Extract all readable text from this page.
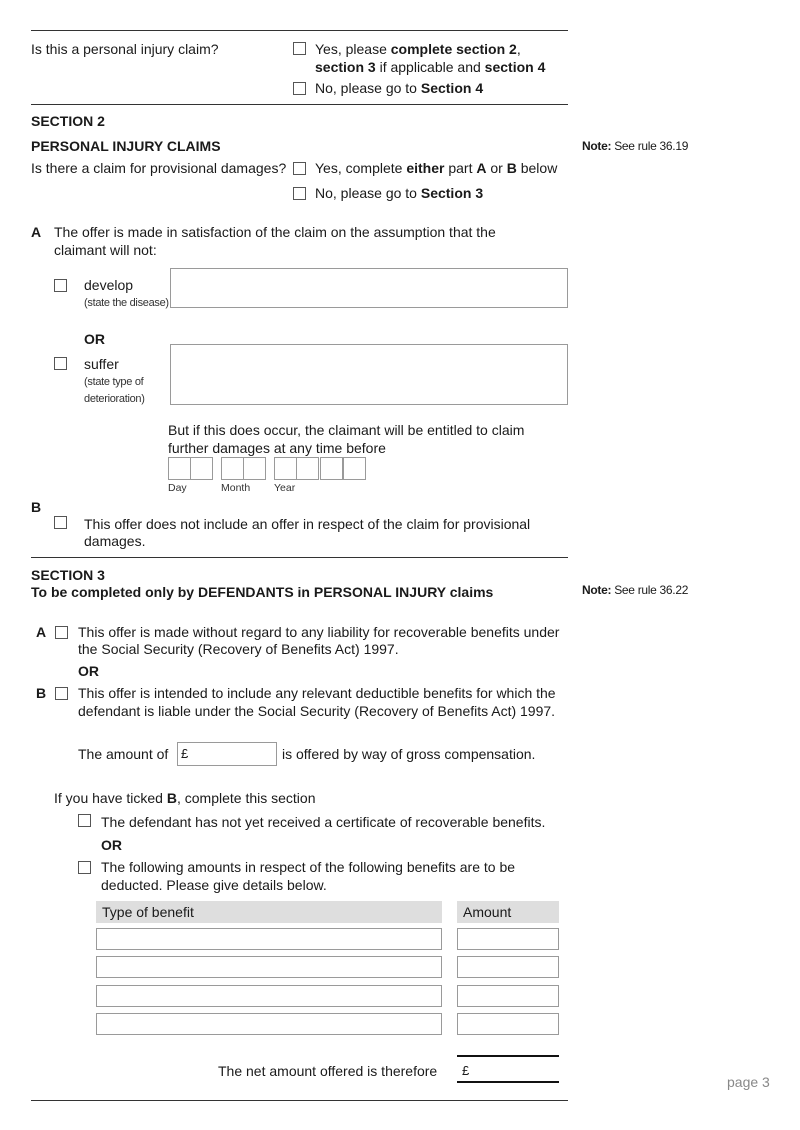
Is this a personal injury claim?	Yes, please complete section 2,
section 3 if applicable and section 4
No, please go to Section 4
SECTION 2
PERSONAL INJURY CLAIMS	Note: See rule 36.19
Is there a claim for provisional damages? Yes, complete either part A or B below
No, please go to Section 3
A The offer is made in satisfaction of the claim on the assumption that the
claimant will not:
develop
(state the disease)
OR
suffer
(state type of
deterioration)
But if this does occur, the claimant will be entitled to claim
further damages at any time before
Day	Month Year
B
This offer does not include an offer in respect of the claim for provisional
damages.
SECTION 3
To be completed only by DEFENDANTS in PERSONAL INJURY claims	Note: See rule 36.22
A This offer is made without regard to any liability for recoverable benefits under
the Social Security (Recovery of Benefits Act) 1997.
OR
B This offer is intended to include any relevant deductible benefits for which the
defendant is liable under the Social Security (Recovery of Benefits Act) 1997.
The amount of £	is offered by way of gross compensation.
If you have ticked B, complete this section
The defendant has not yet received a certificate of recoverable benefits.
OR
The following amounts in respect of the following benefits are to be
deducted. Please give details below.
Type of benefit	Amount
The net amount offered is therefore £
page 3
